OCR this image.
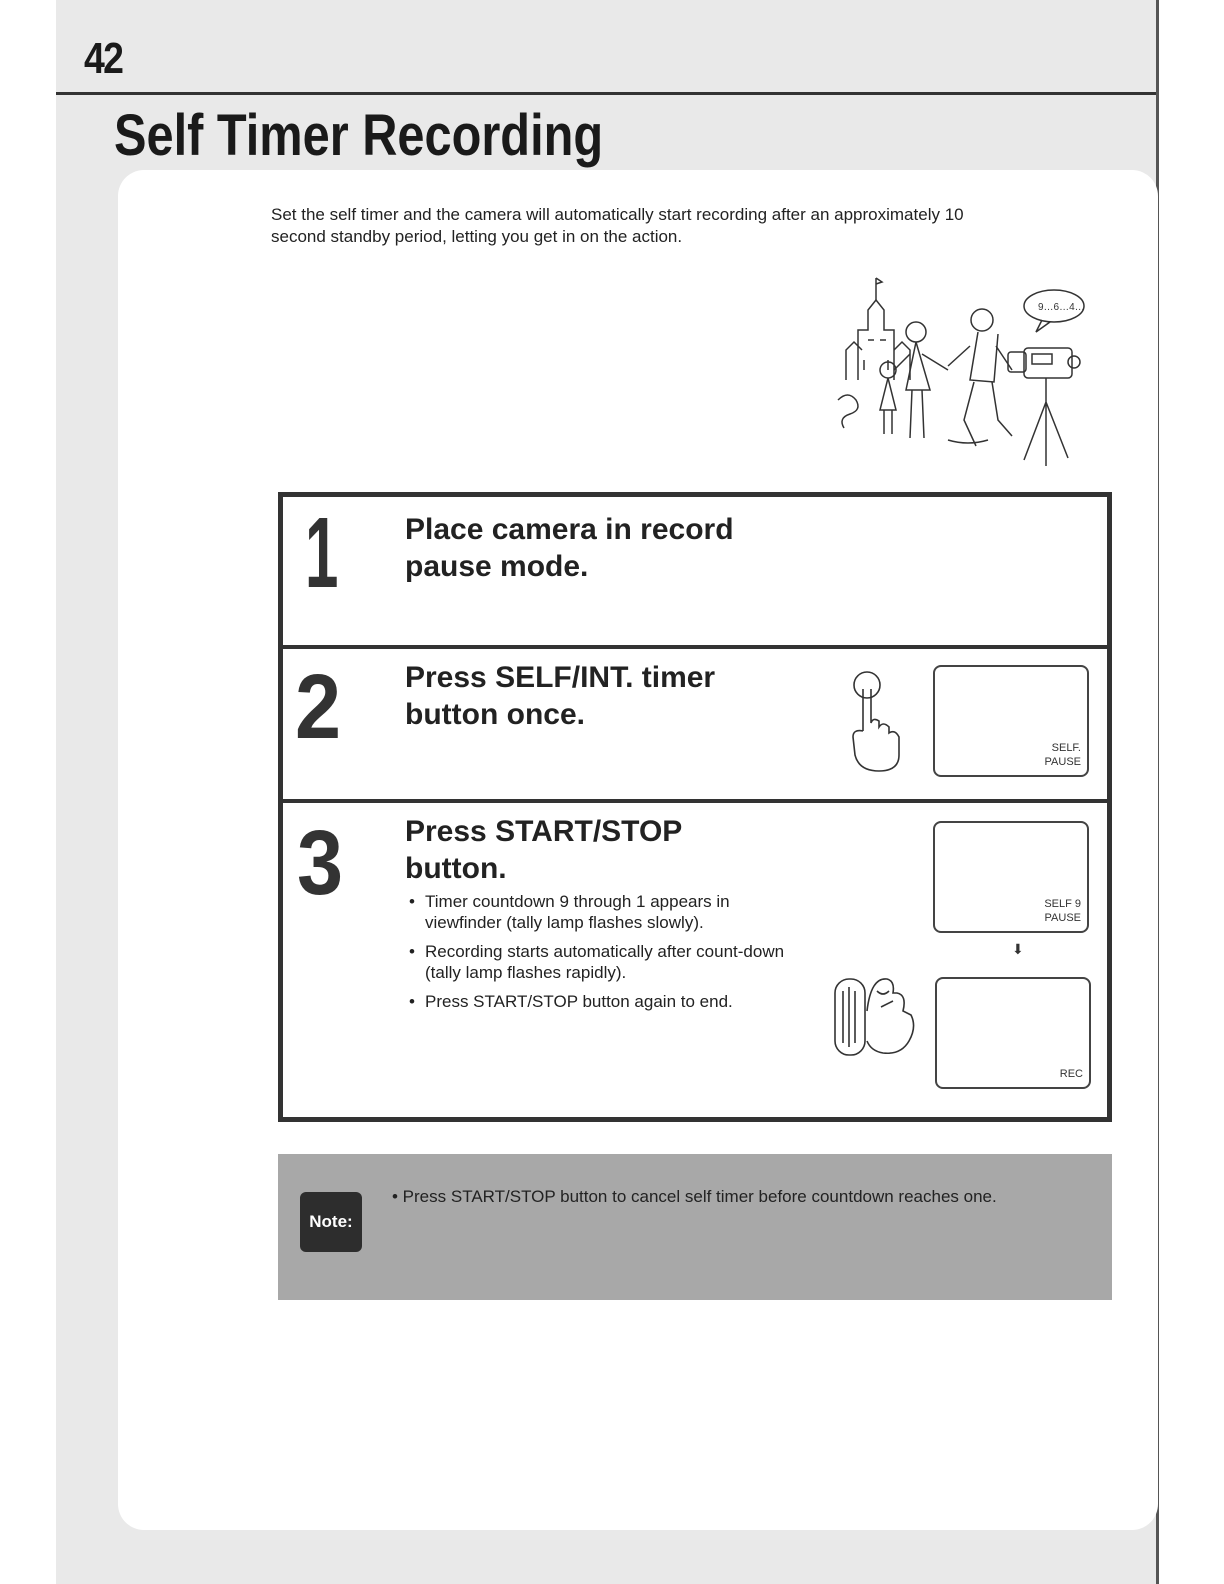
42
Self Timer Recording
Set the self timer and the camera will automatically start recording after an approximately 10 second standby period, letting you get in on the action.
9…6…4…
1 Place camera in record pause mode.
2 Press SELF/INT. timer button once.
SELF.
PAUSE
3 Press START/STOP button.
• Timer countdown 9 through 1 appears in viewfinder (tally lamp flashes slowly).
• Recording starts automatically after count-down (tally lamp flashes rapidly).
• Press START/STOP button again to end.
SELF 9
PAUSE
⬇
REC
Note:
• Press START/STOP button to cancel self timer before countdown reaches one.
